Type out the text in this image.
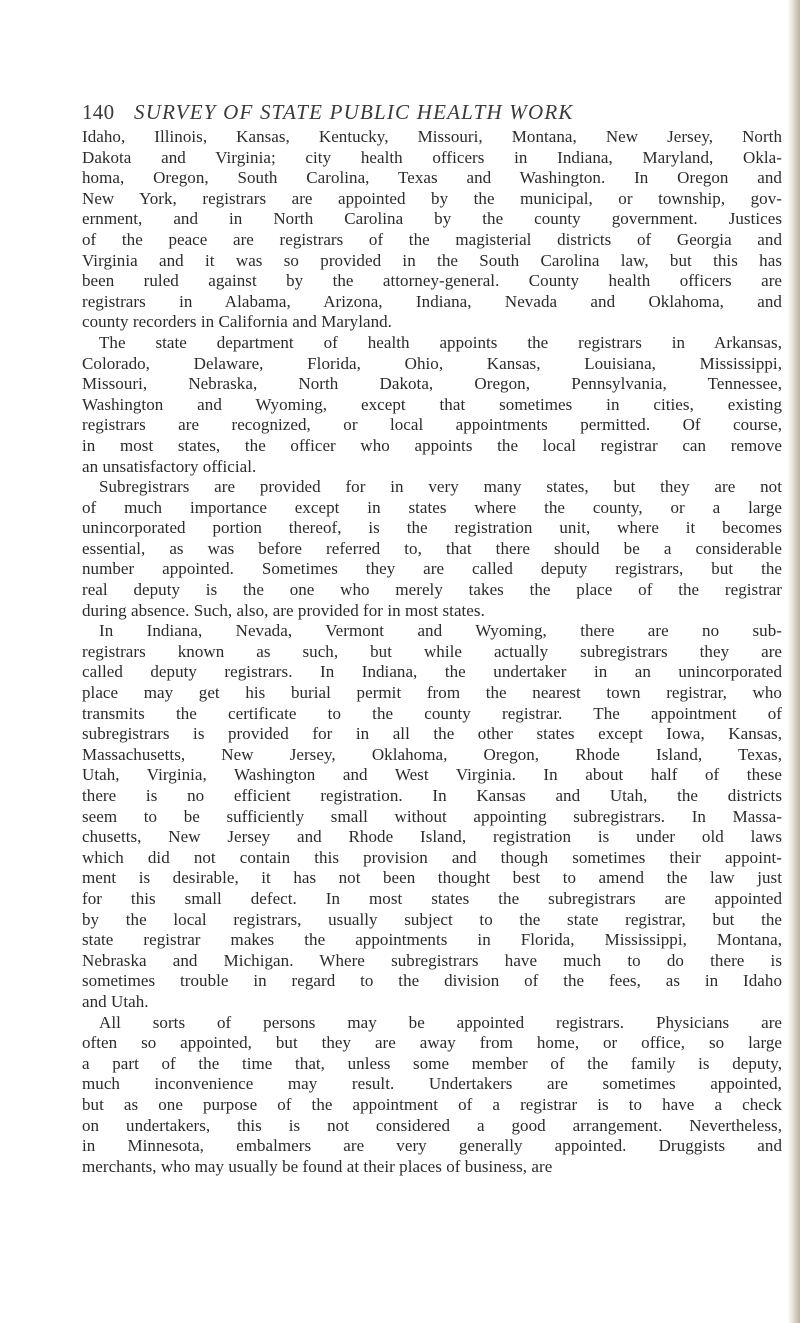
140 SURVEY OF STATE PUBLIC HEALTH WORK
Idaho, Illinois, Kansas, Kentucky, Missouri, Montana, New Jersey, North
Dakota and Virginia; city health officers in Indiana, Maryland, Okla-
homa, Oregon, South Carolina, Texas and Washington. In Oregon and
New York, registrars are appointed by the municipal, or township, gov-
ernment, and in North Carolina by the county government. Justices
of the peace are registrars of the magisterial districts of Georgia and
Virginia and it was so provided in the South Carolina law, but this has
been ruled against by the attorney-general. County health officers are
registrars in Alabama, Arizona, Indiana, Nevada and Oklahoma, and
county recorders in California and Maryland.
The state department of health appoints the registrars in Arkansas,
Colorado, Delaware, Florida, Ohio, Kansas, Louisiana, Mississippi,
Missouri, Nebraska, North Dakota, Oregon, Pennsylvania, Tennessee,
Washington and Wyoming, except that sometimes in cities, existing
registrars are recognized, or local appointments permitted. Of course,
in most states, the officer who appoints the local registrar can remove
an unsatisfactory official.
Subregistrars are provided for in very many states, but they are not
of much importance except in states where the county, or a large
unincorporated portion thereof, is the registration unit, where it becomes
essential, as was before referred to, that there should be a considerable
number appointed. Sometimes they are called deputy registrars, but the
real deputy is the one who merely takes the place of the registrar
during absence. Such, also, are provided for in most states.
In Indiana, Nevada, Vermont and Wyoming, there are no sub-
registrars known as such, but while actually subregistrars they are
called deputy registrars. In Indiana, the undertaker in an unincorporated
place may get his burial permit from the nearest town registrar, who
transmits the certificate to the county registrar. The appointment of
subregistrars is provided for in all the other states except Iowa, Kansas,
Massachusetts, New Jersey, Oklahoma, Oregon, Rhode Island, Texas,
Utah, Virginia, Washington and West Virginia. In about half of these
there is no efficient registration. In Kansas and Utah, the districts
seem to be sufficiently small without appointing subregistrars. In Massa-
chusetts, New Jersey and Rhode Island, registration is under old laws
which did not contain this provision and though sometimes their appoint-
ment is desirable, it has not been thought best to amend the law just
for this small defect. In most states the subregistrars are appointed
by the local registrars, usually subject to the state registrar, but the
state registrar makes the appointments in Florida, Mississippi, Montana,
Nebraska and Michigan. Where subregistrars have much to do there is
sometimes trouble in regard to the division of the fees, as in Idaho
and Utah.
All sorts of persons may be appointed registrars. Physicians are
often so appointed, but they are away from home, or office, so large
a part of the time that, unless some member of the family is deputy,
much inconvenience may result. Undertakers are sometimes appointed,
but as one purpose of the appointment of a registrar is to have a check
on undertakers, this is not considered a good arrangement. Nevertheless,
in Minnesota, embalmers are very generally appointed. Druggists and
merchants, who may usually be found at their places of business, are
